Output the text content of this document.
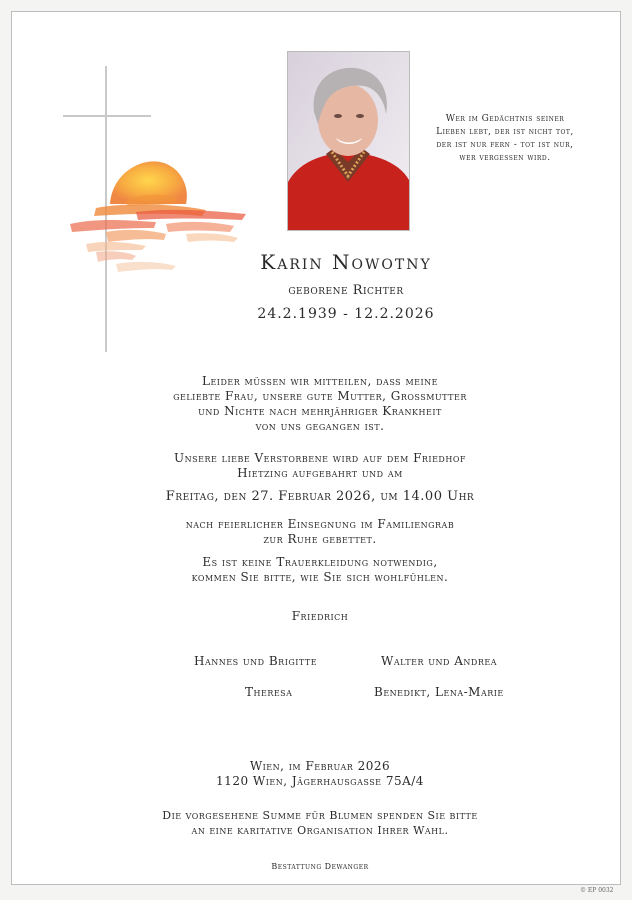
Wer im Gedächtnis seiner
Lieben lebt, der ist nicht tot,
der ist nur fern - tot ist nur,
wer vergessen wird.
Karin Nowotny
geborene Richter
24.2.1939 - 12.2.2026
Leider müssen wir mitteilen, dass meine
geliebte Frau, unsere gute Mutter, Grossmutter
und Nichte nach mehrjähriger Krankheit
von uns gegangen ist.
Unsere liebe Verstorbene wird auf dem Friedhof
Hietzing aufgebahrt und am
Freitag, den 27. Februar 2026, um 14.00 Uhr
nach feierlicher Einsegnung im Familiengrab
zur Ruhe gebettet.
Es ist keine Trauerkleidung notwendig,
kommen Sie bitte, wie Sie sich wohlfühlen.
Friedrich
Hannes und Brigitte	Walter und Andrea
Theresa	Benedikt, Lena-Marie
Wien, im Februar 2026
1120 Wien, Jägerhausgasse 75A/4
Die vorgesehene Summe für Blumen spenden Sie bitte
an eine karitative Organisation Ihrer Wahl.
Bestattung Dewanger
© EP 0032
